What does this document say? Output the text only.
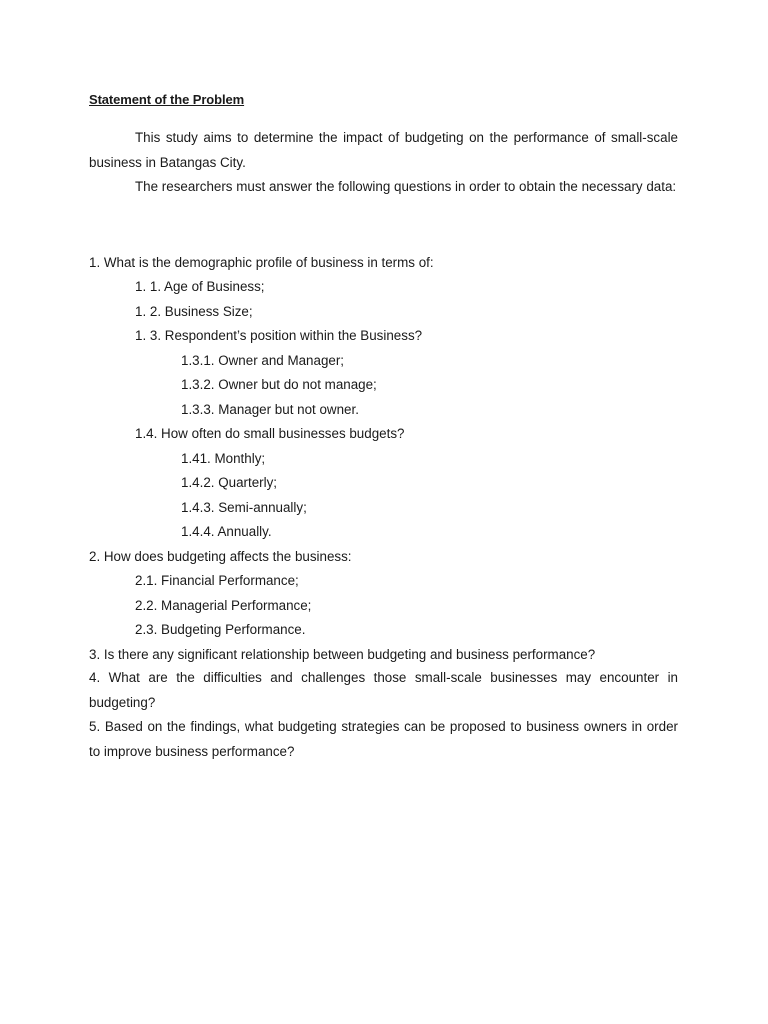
Statement of the Problem

This study aims to determine the impact of budgeting on the performance of small-scale business in Batangas City.

The researchers must answer the following questions in order to obtain the necessary data:

1. What is the demographic profile of business in terms of:
1. 1. Age of Business;
1. 2. Business Size;
1. 3. Respondent’s position within the Business?
1.3.1. Owner and Manager;
1.3.2. Owner but do not manage;
1.3.3. Manager but not owner.
1.4. How often do small businesses budgets?
1.41. Monthly;
1.4.2. Quarterly;
1.4.3. Semi-annually;
1.4.4. Annually.
2. How does budgeting affects the business:
2.1. Financial Performance;
2.2. Managerial Performance;
2.3. Budgeting Performance.
3. Is there any significant relationship between budgeting and business performance?

4. What are the difficulties and challenges those small-scale businesses may encounter in budgeting?

5. Based on the findings, what budgeting strategies can be proposed to business owners in order to improve business performance?
